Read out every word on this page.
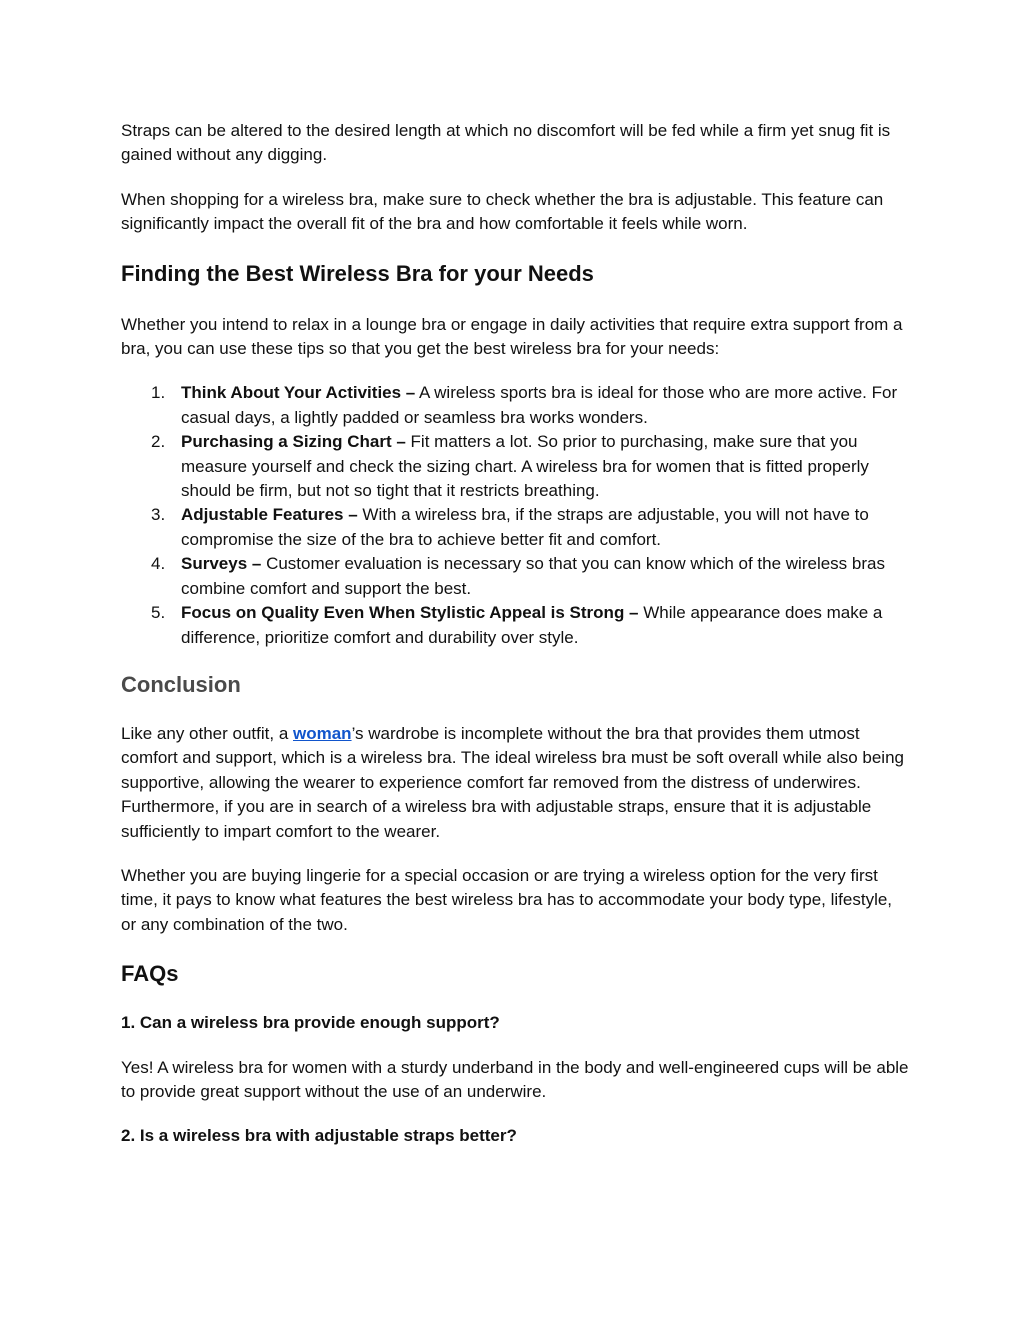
Straps can be altered to the desired length at which no discomfort will be fed while a firm yet snug fit is gained without any digging.

When shopping for a wireless bra, make sure to check whether the bra is adjustable. This feature can significantly impact the overall fit of the bra and how comfortable it feels while worn.

Finding the Best Wireless Bra for your Needs

Whether you intend to relax in a lounge bra or engage in daily activities that require extra support from a bra, you can use these tips so that you get the best wireless bra for your needs:

1. Think About Your Activities – A wireless sports bra is ideal for those who are more active. For casual days, a lightly padded or seamless bra works wonders.
2. Purchasing a Sizing Chart – Fit matters a lot. So prior to purchasing, make sure that you measure yourself and check the sizing chart. A wireless bra for women that is fitted properly should be firm, but not so tight that it restricts breathing.
3. Adjustable Features – With a wireless bra, if the straps are adjustable, you will not have to compromise the size of the bra to achieve better fit and comfort.
4. Surveys – Customer evaluation is necessary so that you can know which of the wireless bras combine comfort and support the best.
5. Focus on Quality Even When Stylistic Appeal is Strong – While appearance does make a difference, prioritize comfort and durability over style.
Conclusion

Like any other outfit, a woman’s wardrobe is incomplete without the bra that provides them utmost comfort and support, which is a wireless bra. The ideal wireless bra must be soft overall while also being supportive, allowing the wearer to experience comfort far removed from the distress of underwires. Furthermore, if you are in search of a wireless bra with adjustable straps, ensure that it is adjustable sufficiently to impart comfort to the wearer.

Whether you are buying lingerie for a special occasion or are trying a wireless option for the very first time, it pays to know what features the best wireless bra has to accommodate your body type, lifestyle, or any combination of the two.

FAQs

1. Can a wireless bra provide enough support?

Yes! A wireless bra for women with a sturdy underband in the body and well-engineered cups will be able to provide great support without the use of an underwire.

2. Is a wireless bra with adjustable straps better?
